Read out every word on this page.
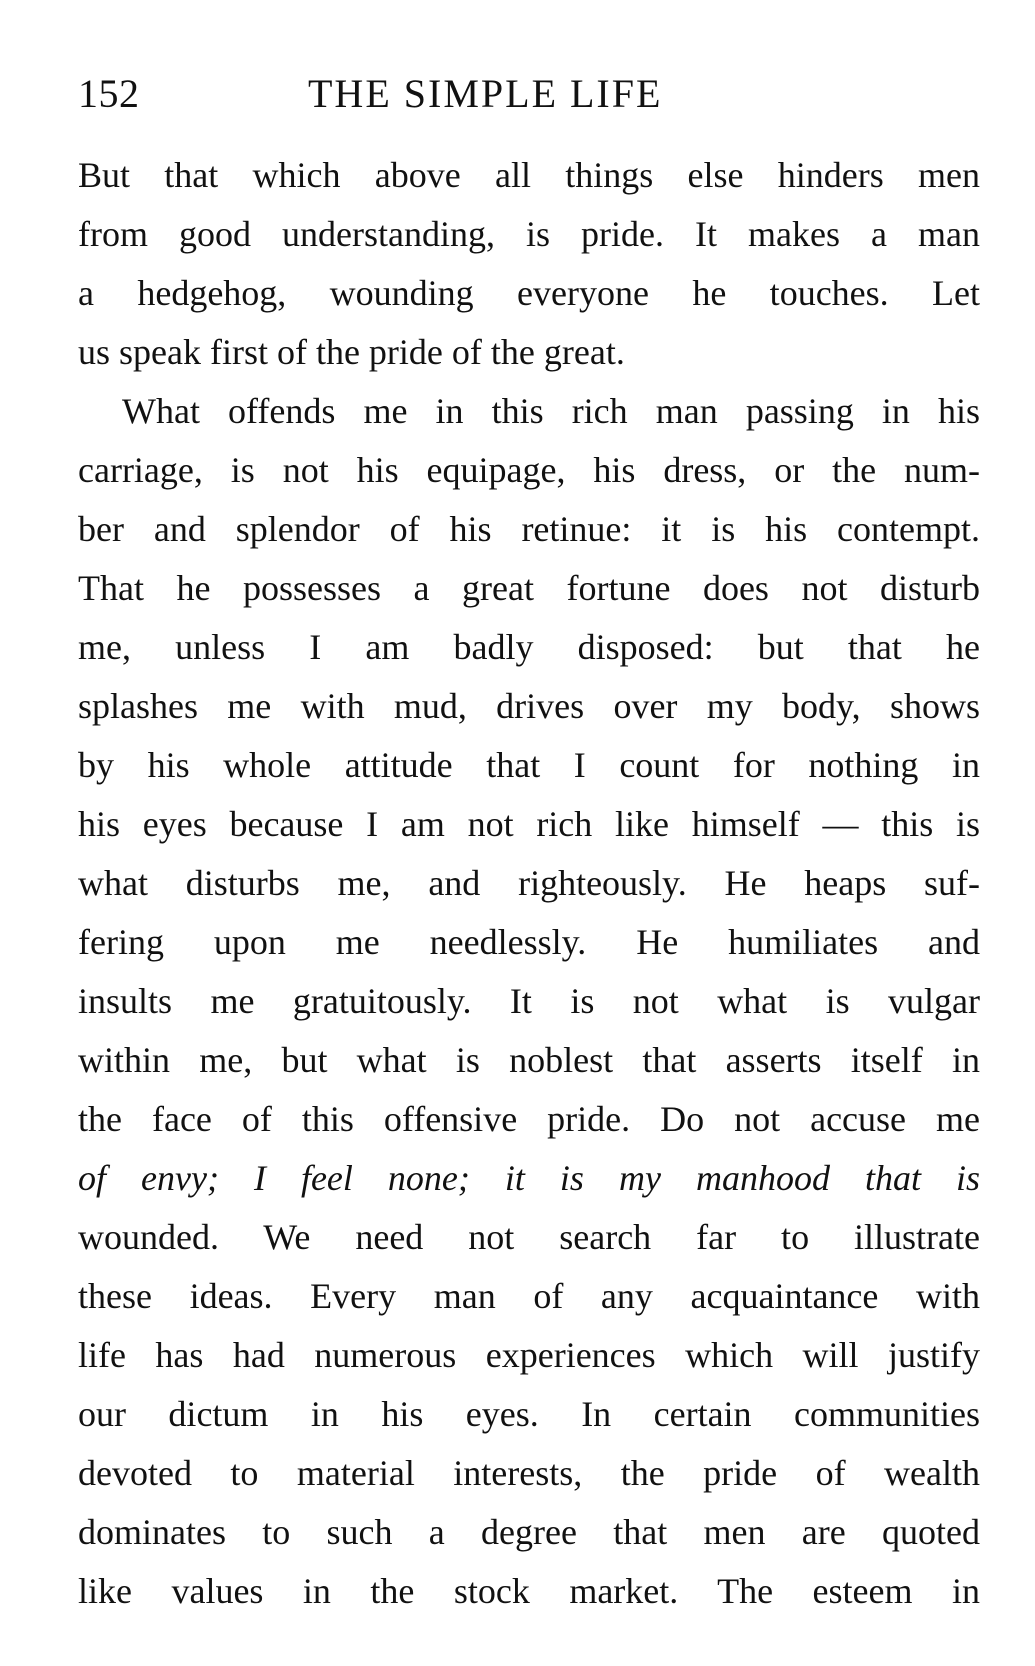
152	THE SIMPLE LIFE
But that which above all things else hinders men
from good understanding, is pride. It makes a man
a hedgehog, wounding everyone he touches. Let
us speak first of the pride of the great.
What offends me in this rich man passing in his
carriage, is not his equipage, his dress, or the num-
ber and splendor of his retinue: it is his contempt.
That he possesses a great fortune does not disturb
me, unless I am badly disposed: but that he
splashes me with mud, drives over my body, shows
by his whole attitude that I count for nothing in
his eyes because I am not rich like himself — this is
what disturbs me, and righteously. He heaps suf-
fering upon me needlessly. He humiliates and
insults me gratuitously. It is not what is vulgar
within me, but what is noblest that asserts itself in
the face of this offensive pride. Do not accuse me
of envy; I feel none; it is my manhood that is
wounded. We need not search far to illustrate
these ideas. Every man of any acquaintance with
life has had numerous experiences which will justify
our dictum in his eyes. In certain communities
devoted to material interests, the pride of wealth
dominates to such a degree that men are quoted
like values in the stock market. The esteem in
